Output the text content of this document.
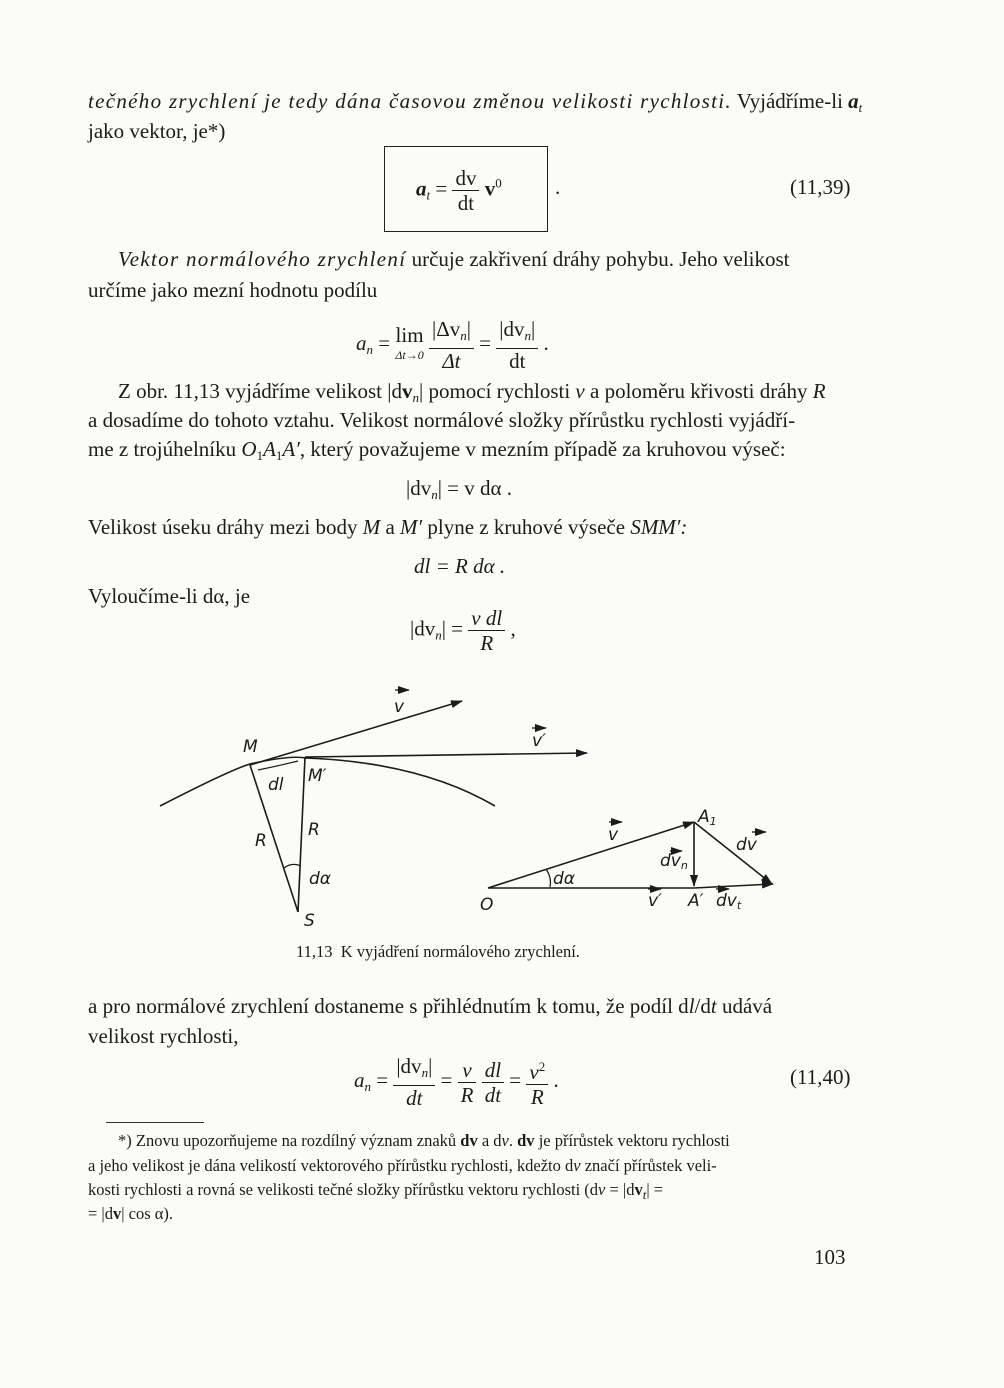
tečného zrychlení je tedy dána časovou změnou velikosti rychlosti. Vyjádříme-li $a_t$
jako vektor, je*)
$a_t = \frac{dv}{dt} v^0$	.	(11,39)
Vektor normálového zrychlení určuje zakřivení dráhy pohybu. Jeho velikost
určíme jako mezní hodnotu podílu
$a_n = \lim$
Δt→0
$\frac{|\Delta v_n|}{\Delta t} = \frac{|dv_n|}{dt}$ .
Z obr. 11,13 vyjádříme velikost $|dv_n|$ pomocí rychlosti v a poloměru křivosti dráhy R
a dosadíme do tohoto vztahu. Velikost normálové složky přírůstku rychlosti vyjádří-
me z trojúhelníku $O_1A_1A'$, který považujeme v mezním případě za kruhovou výseč:
$|dv_n| = v$ dα .
Velikost úseku dráhy mezi body M a M′ plyne z kruhové výseče SMM′:
dl = R dα .
Vyloučíme-li dα, je
$|dv_n| = \frac{\text{v dl}}{R}$ ,
v
v′
M
M′
dl
R
R
dα
S
v
A1
dv
dvn
dα
O	v′ A′ dvt
11,13 K vyjádření normálového zrychlení.
a pro normálové zrychlení dostaneme s přihlédnutím k tomu, že podíl dl/dt udává
velikost rychlosti,
$a_n = \frac{|dv_n|}{dt} = \frac{v}{R}$
$\frac{dl}{dt} = \frac{v^2}{R}$ .	(11,40)
*) Znovu upozorňujeme na rozdílný význam znaků dv a dv. dv je přírůstek vektoru rychlosti
a jeho velikost je dána velikostí vektorového přírůstku rychlosti, kdežto dv značí přírůstek veli-
kosti rychlosti a rovná se velikosti tečné složky přírůstku vektoru rychlosti ($dv = |dv_t|$ =
= |dv| cos α).
103
